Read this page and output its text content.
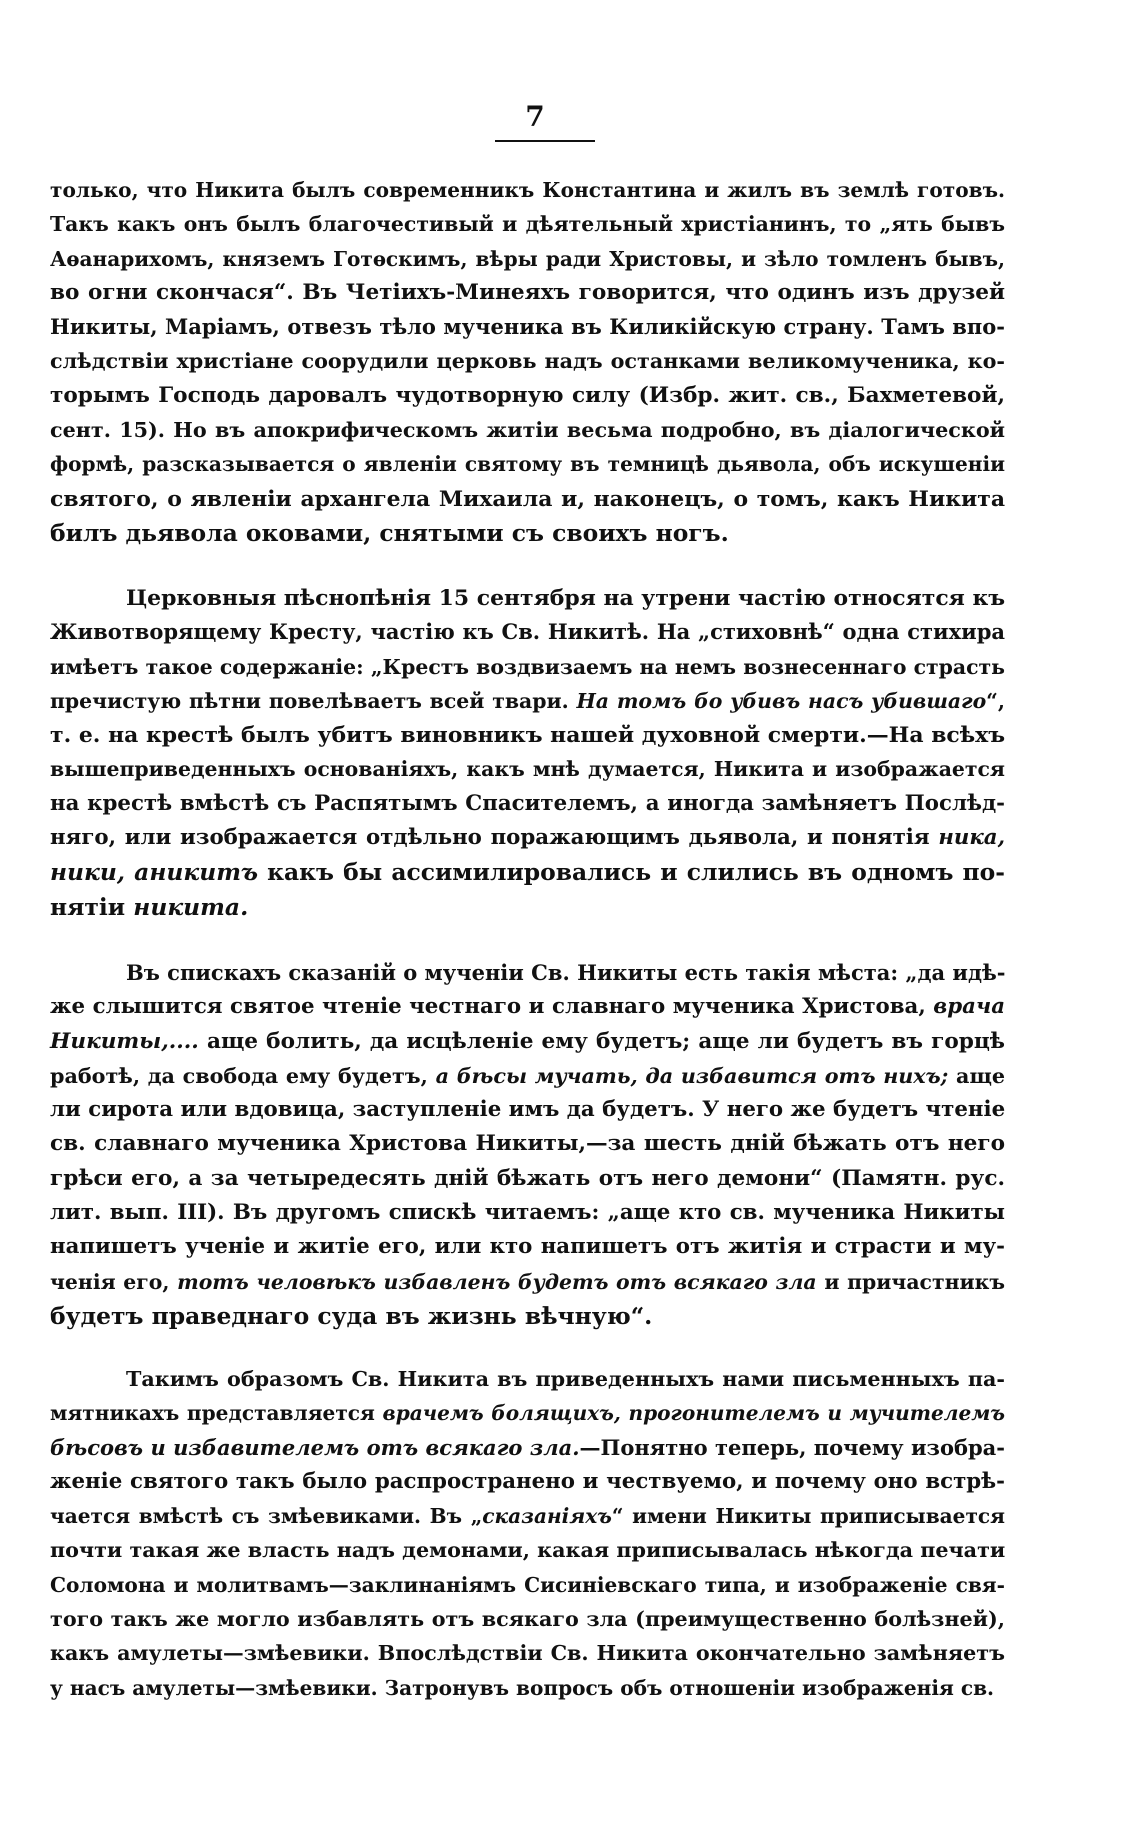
7
только, что Никита былъ современникъ Константина и жилъ въ землѣ готовъ.
Такъ какъ онъ былъ благочестивый и дѣятельный христіанинъ, то „ять бывъ
Аѳанарихомъ, княземъ Готѳскимъ, вѣры ради Христовы, и зѣло томленъ бывъ,
во огни скончася“. Въ Четіихъ-Минеяхъ говорится, что одинъ изъ друзей
Никиты, Маріамъ, отвезъ тѣло мученика въ Киликійскую страну. Тамъ впо-
слѣдствіи христіане соорудили церковь надъ останками великомученика, ко-
торымъ Господь даровалъ чудотворную силу (Избр. жит. св., Бахметевой,
сент. 15). Но въ апокрифическомъ житіи весьма подробно, въ діалогической
формѣ, разсказывается о явленіи святому въ темницѣ дьявола, объ искушеніи
святого, о явленіи архангела Михаила и, наконецъ, о томъ, какъ Никита
билъ дьявола оковами, снятыми съ своихъ ногъ.
Церковныя пѣснопѣнія 15 сентября на утрени частію относятся къ
Животворящему Кресту, частію къ Св. Никитѣ. На „стиховнѣ“ одна стихира
имѣетъ такое содержаніе: „Крестъ воздвизаемъ на немъ вознесеннаго страсть
пречистую пѣтни повелѣваетъ всей твари. На томъ бо убивъ насъ убившаго“,
т. е. на крестѣ былъ убитъ виновникъ нашей духовной смерти.—На всѣхъ
вышеприведенныхъ основаніяхъ, какъ мнѣ думается, Никита и изображается
на крестѣ вмѣстѣ съ Распятымъ Спасителемъ, а иногда замѣняетъ Послѣд-
няго, или изображается отдѣльно поражающимъ дьявола, и понятія ника,
ники, аникитъ какъ бы ассимилировались и слились въ одномъ по-
нятіи никита.
Въ спискахъ сказаній о мученіи Св. Никиты есть такія мѣста: „да идѣ-
же слышится святое чтеніе честнаго и славнаго мученика Христова, врача
Никиты,.... аще болить, да исцѣленіе ему будетъ; аще ли будетъ въ горцѣ
работѣ, да свобода ему будетъ, а бѣсы мучать, да избавится отъ нихъ; аще
ли сирота или вдовица, заступленіе имъ да будетъ. У него же будетъ чтеніе
св. славнаго мученика Христова Никиты,—за шесть дній бѣжать отъ него
грѣси его, а за четыредесять дній бѣжать отъ него демони“ (Памятн. рус.
лит. вып. III). Въ другомъ спискѣ читаемъ: „аще кто св. мученика Никиты
напишетъ ученіе и житіе его, или кто напишетъ отъ житія и страсти и му-
ченія его, тотъ человѣкъ избавленъ будетъ отъ всякаго зла и причастникъ
будетъ праведнаго суда въ жизнь вѣчную“.
Такимъ образомъ Св. Никита въ приведенныхъ нами письменныхъ па-
мятникахъ представляется врачемъ болящихъ, прогонителемъ и мучителемъ
бѣсовъ и избавителемъ отъ всякаго зла.—Понятно теперь, почему изобра-
женіе святого такъ было распространено и чествуемо, и почему оно встрѣ-
чается вмѣстѣ съ змѣевиками. Въ „сказаніяхъ“ имени Никиты приписывается
почти такая же власть надъ демонами, какая приписывалась нѣкогда печати
Соломона и молитвамъ—заклинаніямъ Сисиніевскаго типа, и изображеніе свя-
того такъ же могло избавлять отъ всякаго зла (преимущественно болѣзней),
какъ амулеты—змѣевики. Впослѣдствіи Св. Никита окончательно замѣняетъ
у насъ амулеты—змѣевики. Затронувъ вопросъ объ отношеніи изображенія св.
